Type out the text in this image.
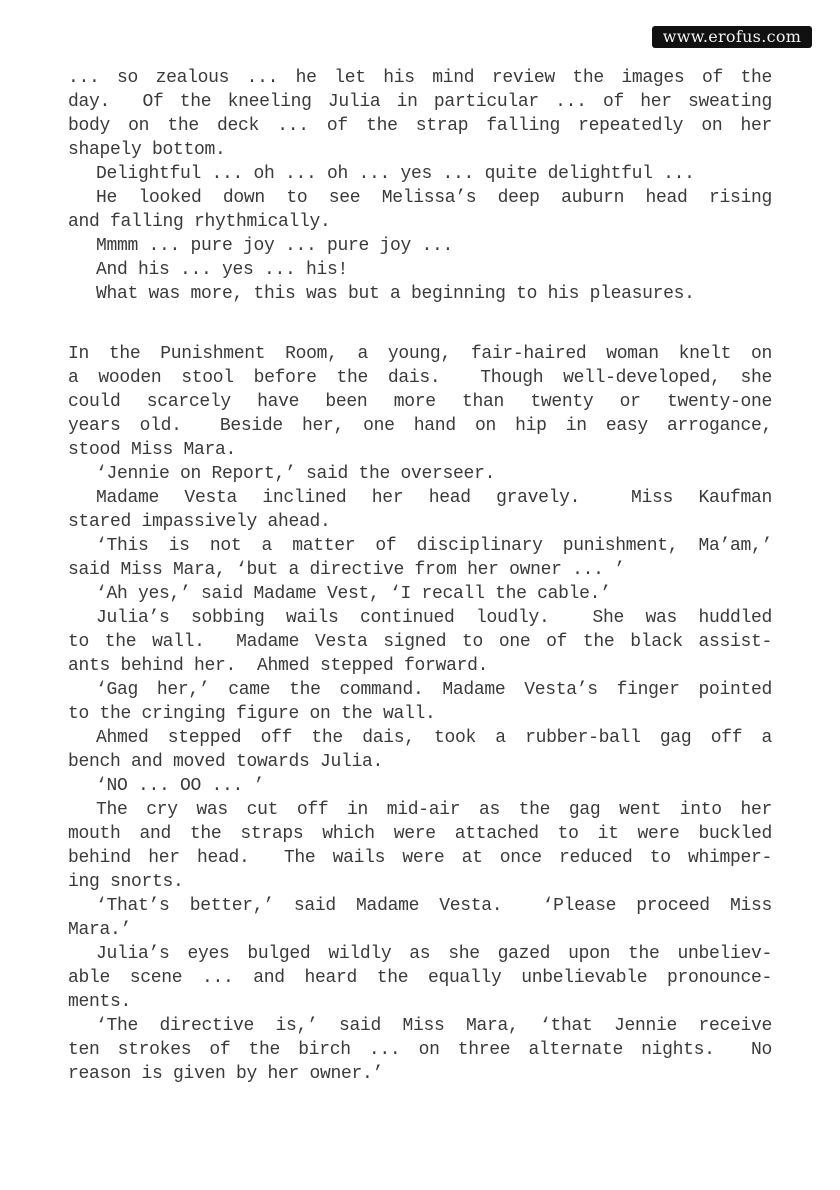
www.erofus.com
... so zealous ... he let his mind review the images of the
day.  Of the kneeling Julia in particular ... of her sweating
body on the deck ... of the strap falling repeatedly on her
shapely bottom.
Delightful ... oh ... oh ... yes ... quite delightful ...
He looked down to see Melissa’s deep auburn head rising
and falling rhythmically.
Mmmm ... pure joy ... pure joy ...
And his ... yes ... his!
What was more, this was but a beginning to his pleasures.
In the Punishment Room, a young, fair-haired woman knelt on
a wooden stool before the dais.  Though well-developed, she
could scarcely have been more than twenty or twenty-one
years old.  Beside her, one hand on hip in easy arrogance,
stood Miss Mara.
‘Jennie on Report,’ said the overseer.
Madame Vesta inclined her head gravely.  Miss Kaufman
stared impassively ahead.
‘This is not a matter of disciplinary punishment, Ma’am,’
said Miss Mara, ‘but a directive from her owner ... ’
‘Ah yes,’ said Madame Vest, ‘I recall the cable.’
Julia’s sobbing wails continued loudly.  She was huddled
to the wall.  Madame Vesta signed to one of the black assist-
ants behind her.  Ahmed stepped forward.
‘Gag her,’ came the command. Madame Vesta’s finger pointed
to the cringing figure on the wall.
Ahmed stepped off the dais, took a rubber-ball gag off a
bench and moved towards Julia.
‘NO ... OO ... ’
The cry was cut off in mid-air as the gag went into her
mouth and the straps which were attached to it were buckled
behind her head.  The wails were at once reduced to whimper-
ing snorts.
‘That’s better,’ said Madame Vesta.  ‘Please proceed Miss
Mara.’
Julia’s eyes bulged wildly as she gazed upon the unbeliev-
able scene ... and heard the equally unbelievable pronounce-
ments.
‘The directive is,’ said Miss Mara, ‘that Jennie receive
ten strokes of the birch ... on three alternate nights.  No
reason is given by her owner.’
